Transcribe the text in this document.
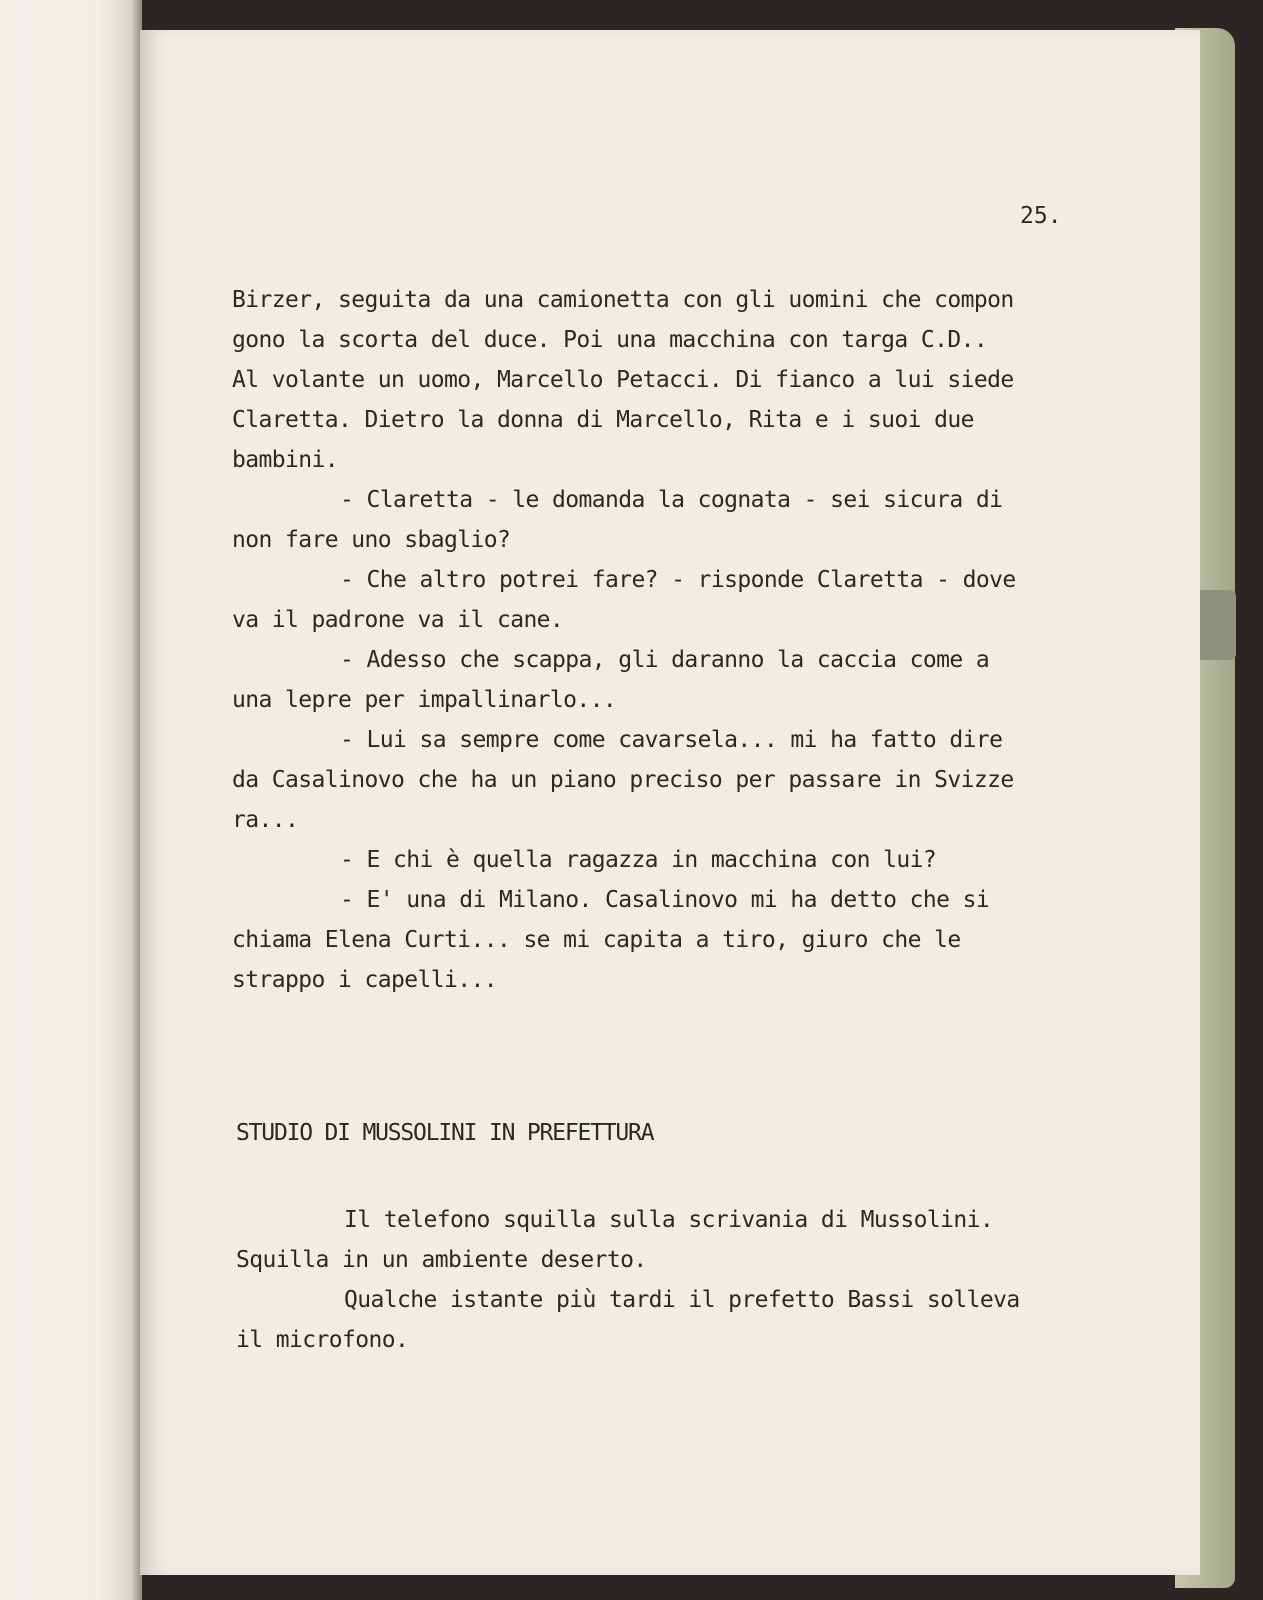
25.

Birzer, seguita da una camionetta con gli uomini che compon

gono la scorta del duce. Poi una macchina con targa C.D..

Al volante un uomo, Marcello Petacci. Di fianco a lui siede

Claretta. Dietro la donna di Marcello, Rita e i suoi due

bambini.

- Claretta - le domanda la cognata - sei sicura di

non fare uno sbaglio?

- Che altro potrei fare? - risponde Claretta - dove

va il padrone va il cane.

- Adesso che scappa, gli daranno la caccia come a

una lepre per impallinarlo...

- Lui sa sempre come cavarsela... mi ha fatto dire

da Casalinovo che ha un piano preciso per passare in Svizze

ra...

- E chi è quella ragazza in macchina con lui?

- E' una di Milano. Casalinovo mi ha detto che si

chiama Elena Curti... se mi capita a tiro, giuro che le

strappo i capelli...

STUDIO DI MUSSOLINI IN PREFETTURA

Il telefono squilla sulla scrivania di Mussolini.

Squilla in un ambiente deserto.

Qualche istante più tardi il prefetto Bassi solleva

il microfono.
